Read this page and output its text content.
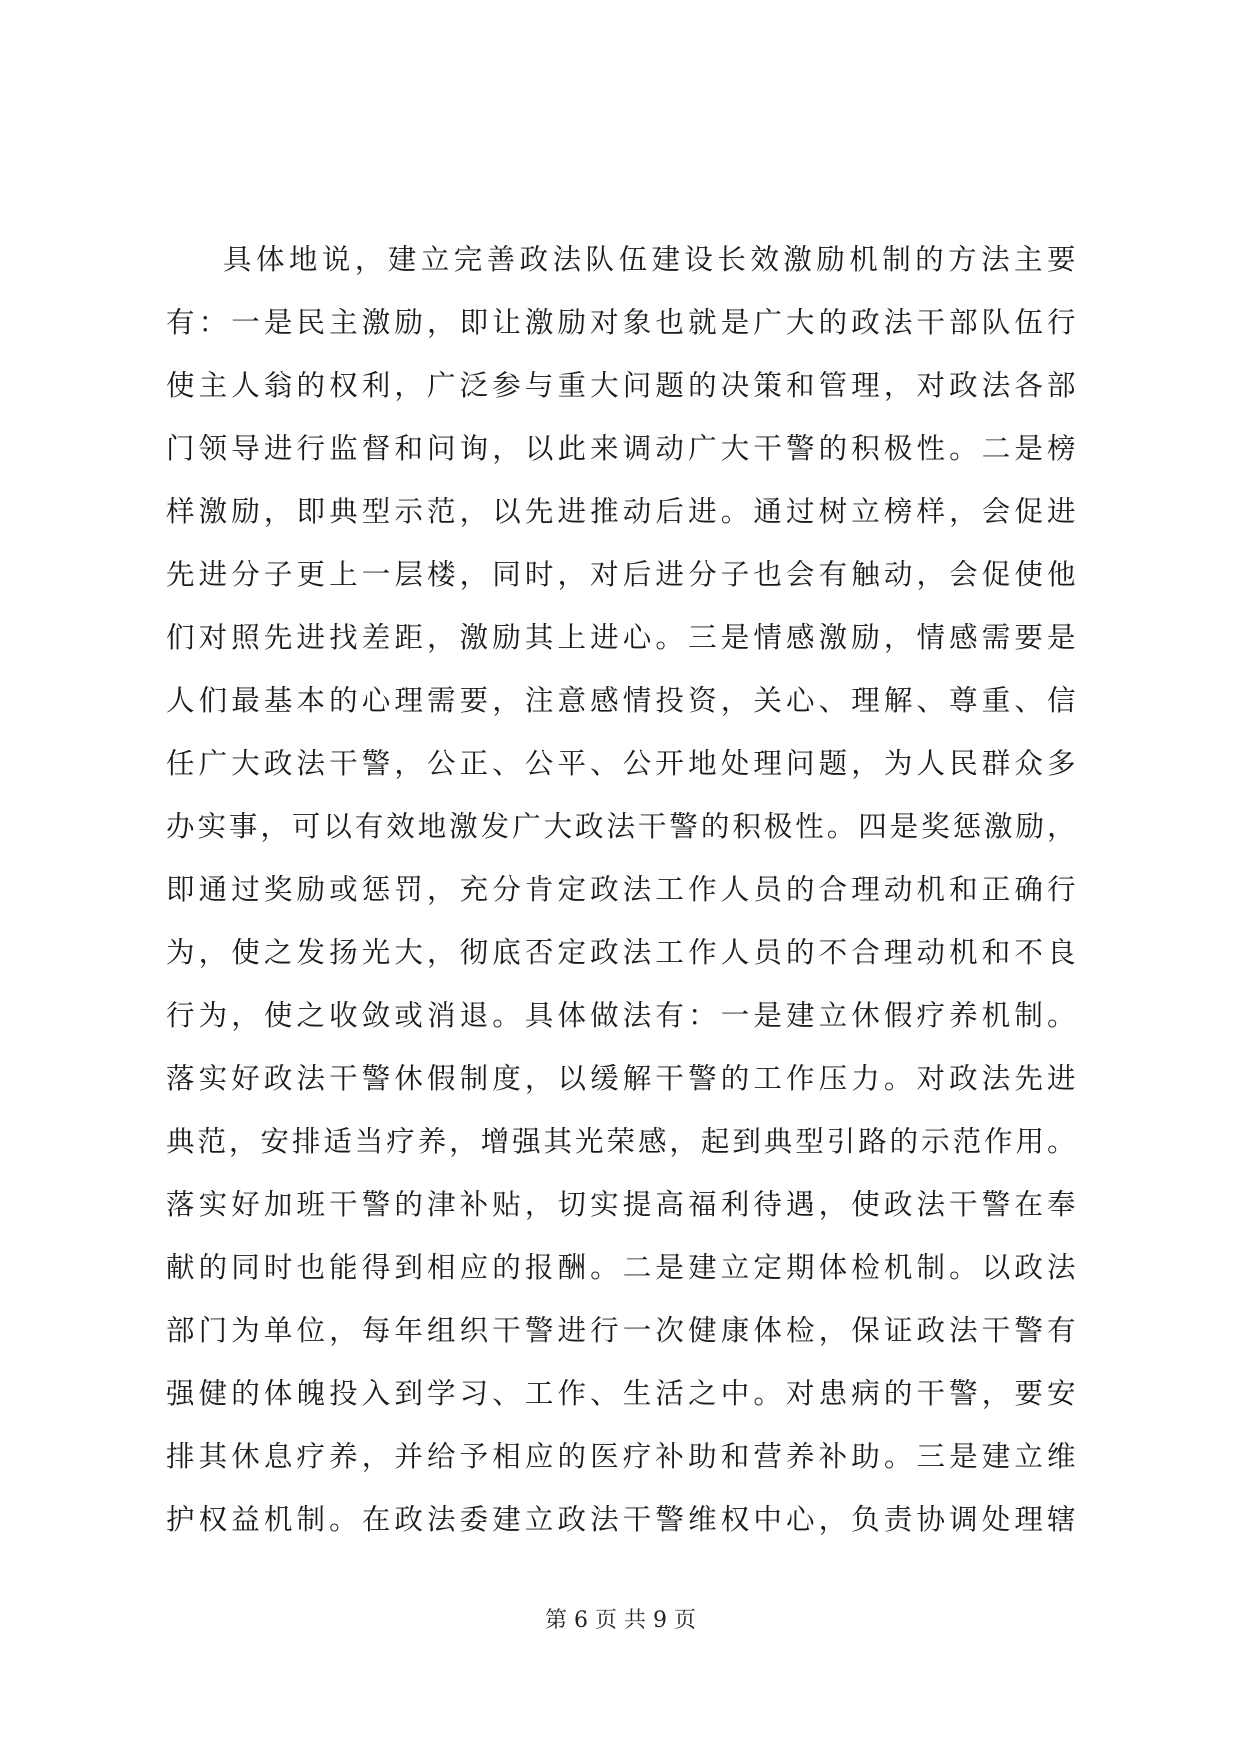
具体地说，建立完善政法队伍建设长效激励机制的方法主要
有：一是民主激励，即让激励对象也就是广大的政法干部队伍行
使主人翁的权利，广泛参与重大问题的决策和管理，对政法各部
门领导进行监督和问询，以此来调动广大干警的积极性。二是榜
样激励，即典型示范，以先进推动后进。通过树立榜样，会促进
先进分子更上一层楼，同时，对后进分子也会有触动，会促使他
们对照先进找差距，激励其上进心。三是情感激励，情感需要是
人们最基本的心理需要，注意感情投资，关心、理解、尊重、信
任广大政法干警，公正、公平、公开地处理问题，为人民群众多
办实事，可以有效地激发广大政法干警的积极性。四是奖惩激励，
即通过奖励或惩罚，充分肯定政法工作人员的合理动机和正确行
为，使之发扬光大，彻底否定政法工作人员的不合理动机和不良
行为，使之收敛或消退。具体做法有：一是建立休假疗养机制。
落实好政法干警休假制度，以缓解干警的工作压力。对政法先进
典范，安排适当疗养，增强其光荣感，起到典型引路的示范作用。
落实好加班干警的津补贴，切实提高福利待遇，使政法干警在奉
献的同时也能得到相应的报酬。二是建立定期体检机制。以政法
部门为单位，每年组织干警进行一次健康体检，保证政法干警有
强健的体魄投入到学习、工作、生活之中。对患病的干警，要安
排其休息疗养，并给予相应的医疗补助和营养补助。三是建立维
护权益机制。在政法委建立政法干警维权中心，负责协调处理辖
第 6 页 共 9 页
